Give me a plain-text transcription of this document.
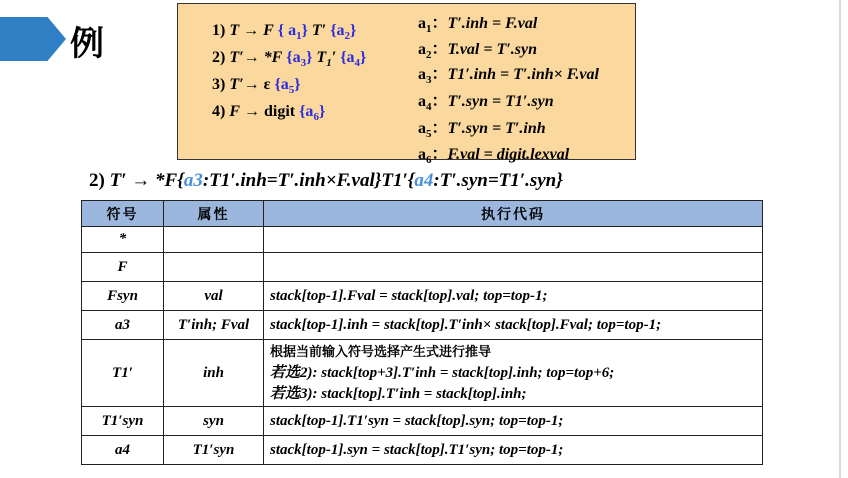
例	1) T → F { $a_1$} T′ $\{a_2\}$
2) T′→ *F $\{a_3\}$ $T_1'$ $\{a_4\}$
3) T′→ ε $\{a_5\}$
4) F → digit $\{a_6\}$
$a_1$：T′.inh = F.val
$a_2$：T.val = T′.syn
$a_3$：T1′.inh = T′.inh× F.val
$a_4$：T′.syn = T1′.syn
$a_5$：T′.syn = T′.inh
$a_6$：F.val = digit.lexval
2) T′ → *F{a3:T1′.inh=T′.inh×F.val}T1′{a4:T′.syn=T1′.syn}
符号	属性	执行代码
*		
F		
Fsyn	val	stack[top-1].Fval = stack[top].val; top=top-1;
a3	T′inh; Fval	stack[top-1].inh = stack[top].T′inh× stack[top].Fval; top=top-1;
T1′	inh	根据当前输入符号选择产生式进行推导
若选2): stack[top+3].T′inh = stack[top].inh; top=top+6;
若选3): stack[top].T′inh = stack[top].inh;

T1′syn	syn	stack[top-1].T1′syn = stack[top].syn; top=top-1;
a4	T1′syn	stack[top-1].syn = stack[top].T1′syn; top=top-1;
